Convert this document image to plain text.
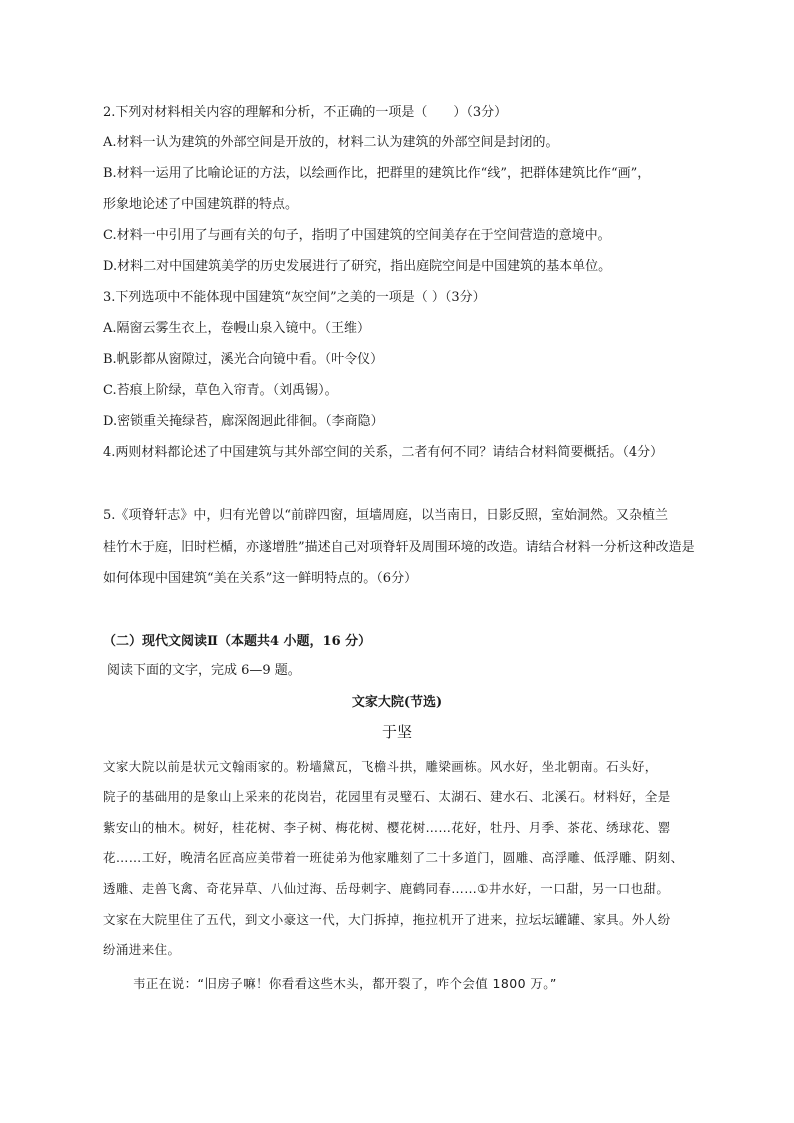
2.下列对材料相关内容的理解和分析，不正确的一项是（　　）（3分）

A.材料一认为建筑的外部空间是开放的，材料二认为建筑的外部空间是封闭的。

B.材料一运用了比喻论证的方法，以绘画作比，把群里的建筑比作“线”，把群体建筑比作“画”，

形象地论述了中国建筑群的特点。

C.材料一中引用了与画有关的句子，指明了中国建筑的空间美存在于空间营造的意境中。

D.材料二对中国建筑美学的历史发展进行了研究，指出庭院空间是中国建筑的基本单位。

3.下列选项中不能体现中国建筑“灰空间”之美的一项是（ ）（3分）

A.隔窗云雾生衣上，卷幔山泉入镜中。（王维）

B.帆影都从窗隙过，溪光合向镜中看。（叶令仪）

C.苔痕上阶绿，草色入帘青。（刘禹锡）。

D.密锁重关掩绿苔，廊深阁迥此徘徊。（李商隐）

4.两则材料都论述了中国建筑与其外部空间的关系，二者有何不同？请结合材料简要概括。（4分）

5.《项脊轩志》中，归有光曾以“前辟四窗，垣墙周庭，以当南日，日影反照，室始洞然。又杂植兰

桂竹木于庭，旧时栏楯，亦遂增胜”描述自己对项脊轩及周围环境的改造。请结合材料一分析这种改造是

如何体现中国建筑“美在关系”这一鲜明特点的。（6分）

（二）现代文阅读Ⅱ（本题共4 小题，16 分）

阅读下面的文字，完成 6—9 题。

文家大院(节选)

于坚

文家大院以前是状元文翰雨家的。粉墙黛瓦，飞檐斗拱，雕梁画栋。风水好，坐北朝南。石头好，

院子的基础用的是象山上采来的花岗岩，花园里有灵璧石、太湖石、建水石、北溪石。材料好，全是

紫安山的柚木。树好，桂花树、李子树、梅花树、樱花树……花好，牡丹、月季、茶花、绣球花、罂

花……工好，晚清名匠高应美带着一班徒弟为他家雕刻了二十多道门，圆雕、高浮雕、低浮雕、阴刻、

透雕、走兽飞禽、奇花异草、八仙过海、岳母刺字、鹿鹤同春……①井水好，一口甜，另一口也甜。

文家在大院里住了五代，到文小豪这一代，大门拆掉，拖拉机开了进来，拉坛坛罐罐、家具。外人纷

纷涌进来住。

韦正在说：“旧房子嘛！你看看这些木头，都开裂了，咋个会值 1800 万。”
